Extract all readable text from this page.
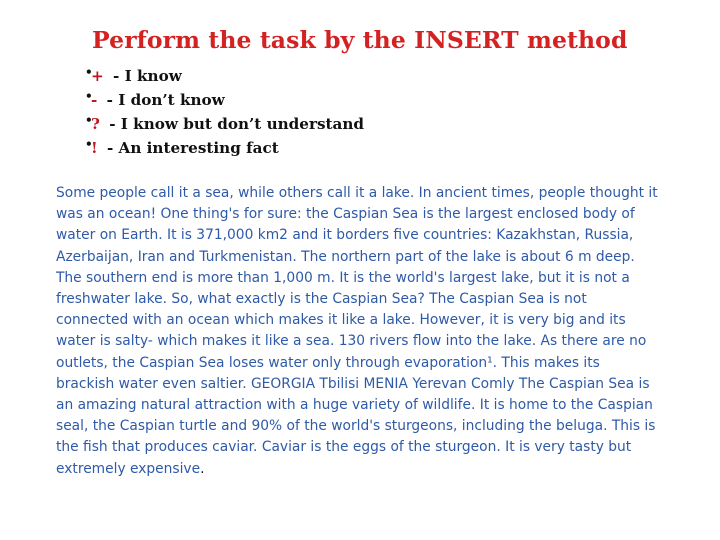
Perform the task by the INSERT method
•
+ - I know
•
- - I don’t know
•
? - I know but don’t understand
•
! - An interesting fact

Some people call it a sea, while others call it a lake. In ancient times, people thought it was an ocean! One thing's for sure: the Caspian Sea is the largest enclosed body of water on Earth. It is 371,000 km2 and it borders five countries: Kazakhstan, Russia, Azerbaijan, Iran and Turkmenistan. The northern part of the lake is about 6 m deep. The southern end is more than 1,000 m. It is the world's largest lake, but it is not a freshwater lake. So, what exactly is the Caspian Sea? The Caspian Sea is not connected with an ocean which makes it like a lake. However, it is very big and its water is salty- which makes it like a sea. 130 rivers flow into the lake. As there are no outlets, the Caspian Sea loses water only through evaporation¹. This makes its brackish water even saltier. GEORGIA Tbilisi MENIA Yerevan Comly The Caspian Sea is an amazing natural attraction with a huge variety of wildlife. It is home to the Caspian seal, the Caspian turtle and 90% of the world's sturgeons, including the beluga. This is the fish that produces caviar. Caviar is the eggs of the sturgeon. It is very tasty but extremely expensive.
